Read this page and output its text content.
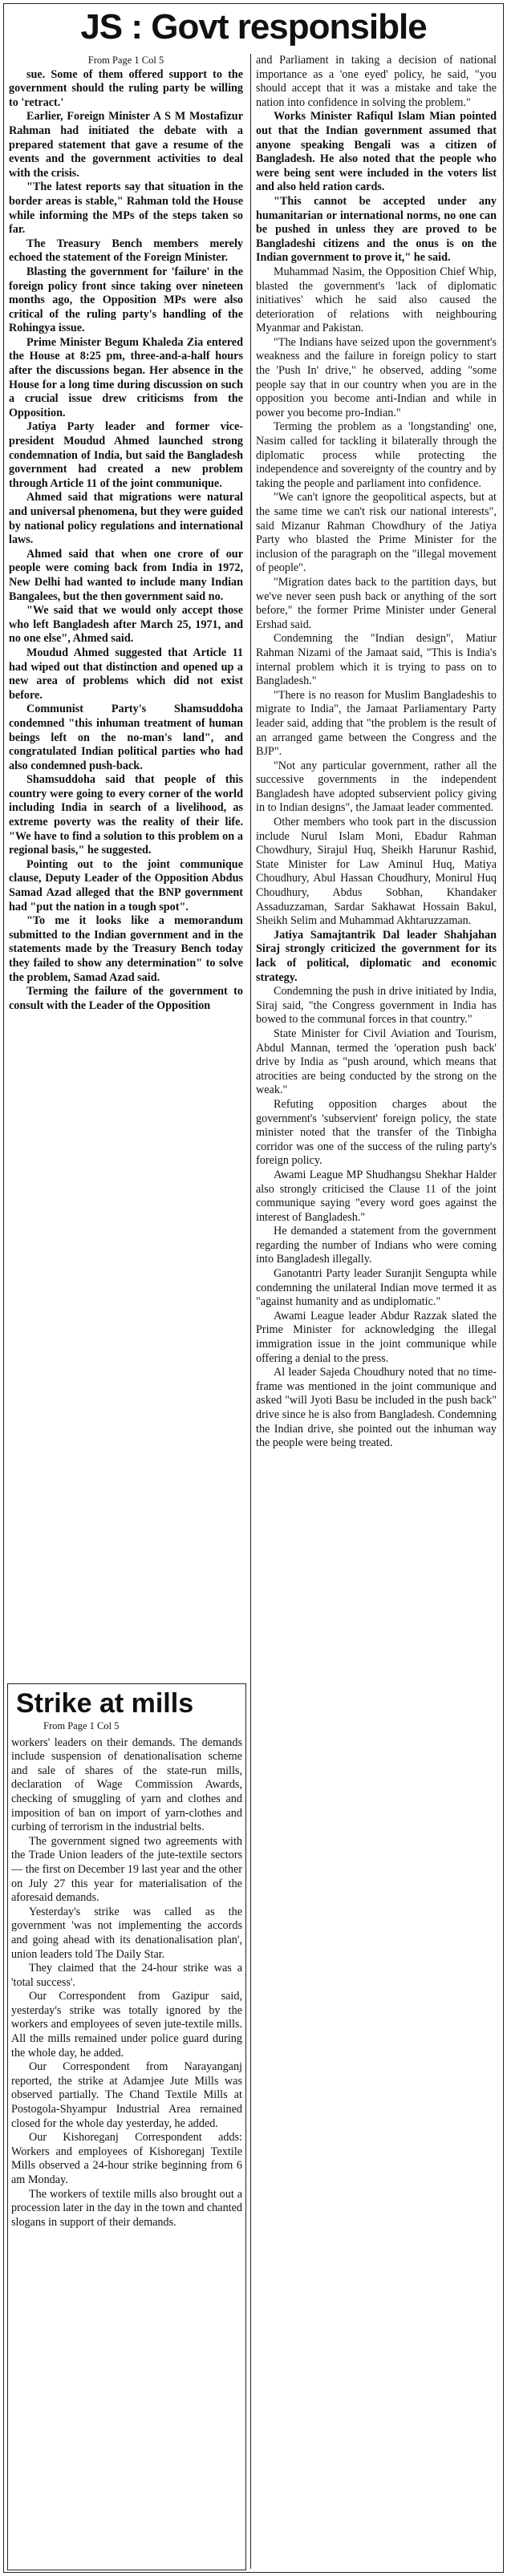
JS : Govt responsible

From Page 1 Col 5

sue. Some of them offered support to the government should the ruling party be willing to 'retract.'

Earlier, Foreign Minister A S M Mostafizur Rahman had initiated the debate with a prepared statement that gave a resume of the events and the government activities to deal with the crisis.

"The latest reports say that situation in the border areas is stable," Rahman told the House while informing the MPs of the steps taken so far.

The Treasury Bench members merely echoed the statement of the Foreign Minister.

Blasting the government for 'failure' in the foreign policy front since taking over nineteen months ago, the Opposition MPs were also critical of the ruling party's handling of the Rohingya issue.

Prime Minister Begum Khaleda Zia entered the House at 8:25 pm, three-and-a-half hours after the discussions began. Her absence in the House for a long time during discussion on such a crucial issue drew criticisms from the Opposition.

Jatiya Party leader and former vice-president Moudud Ahmed launched strong condemnation of India, but said the Bangladesh government had created a new problem through Article 11 of the joint communique.

Ahmed said that migrations were natural and universal phenomena, but they were guided by national policy regulations and international laws.

Ahmed said that when one crore of our people were coming back from India in 1972, New Delhi had wanted to include many Indian Bangalees, but the then government said no.

"We said that we would only accept those who left Bangladesh after March 25, 1971, and no one else", Ahmed said.

Moudud Ahmed suggested that Article 11 had wiped out that distinction and opened up a new area of problems which did not exist before.

Communist Party's Shamsuddoha condemned "this inhuman treatment of human beings left on the no-man's land", and congratulated Indian political parties who had also condemned push-back.

Shamsuddoha said that people of this country were going to every corner of the world including India in search of a livelihood, as extreme poverty was the reality of their life. "We have to find a solution to this problem on a regional basis," he suggested.

Pointing out to the joint communique clause, Deputy Leader of the Opposition Abdus Samad Azad alleged that the BNP government had "put the nation in a tough spot".

"To me it looks like a memorandum submitted to the Indian government and in the statements made by the Treasury Bench today they failed to show any determination" to solve the problem, Samad Azad said.

Terming the failure of the government to consult with the Leader of the Opposition

Strike at mills
From Page 1 Col 5

workers' leaders on their demands. The demands include suspension of denationalisation scheme and sale of shares of the state-run mills, declaration of Wage Commission Awards, checking of smuggling of yarn and clothes and imposition of ban on import of yarn-clothes and curbing of terrorism in the industrial belts.

The government signed two agreements with the Trade Union leaders of the jute-textile sectors — the first on December 19 last year and the other on July 27 this year for materialisation of the aforesaid demands.

Yesterday's strike was called as the government 'was not implementing the accords and going ahead with its denationalisation plan', union leaders told The Daily Star.

They claimed that the 24-hour strike was a 'total success'.

Our Correspondent from Gazipur said, yesterday's strike was totally ignored by the workers and employees of seven jute-textile mills. All the mills remained under police guard during the whole day, he added.

Our Correspondent from Narayanganj reported, the strike at Adamjee Jute Mills was observed partially. The Chand Textile Mills at Postogola-Shyampur Industrial Area remained closed for the whole day yesterday, he added.

Our Kishoreganj Correspondent adds: Workers and employees of Kishoreganj Textile Mills observed a 24-hour strike beginning from 6 am Monday.

The workers of textile mills also brought out a procession later in the day in the town and chanted slogans in support of their demands.

and Parliament in taking a decision of national importance as a 'one eyed' policy, he said, "you should accept that it was a mistake and take the nation into confidence in solving the problem."

Works Minister Rafiqul Islam Mian pointed out that the Indian government assumed that anyone speaking Bengali was a citizen of Bangladesh. He also noted that the people who were being sent were included in the voters list and also held ration cards.

"This cannot be accepted under any humanitarian or international norms, no one can be pushed in unless they are proved to be Bangladeshi citizens and the onus is on the Indian government to prove it," he said.

Muhammad Nasim, the Opposition Chief Whip, blasted the government's 'lack of diplomatic initiatives' which he said also caused the deterioration of relations with neighbouring Myanmar and Pakistan.

"The Indians have seized upon the government's weakness and the failure in foreign policy to start the 'Push In' drive," he observed, adding "some people say that in our country when you are in the opposition you become anti-Indian and while in power you become pro-Indian."

Terming the problem as a 'longstanding' one, Nasim called for tackling it bilaterally through the diplomatic process while protecting the independence and sovereignty of the country and by taking the people and parliament into confidence.

"We can't ignore the geopolitical aspects, but at the same time we can't risk our national interests", said Mizanur Rahman Chowdhury of the Jatiya Party who blasted the Prime Minister for the inclusion of the paragraph on the "illegal movement of people".

"Migration dates back to the partition days, but we've never seen push back or anything of the sort before," the former Prime Minister under General Ershad said.

Condemning the "Indian design", Matiur Rahman Nizami of the Jamaat said, "This is India's internal problem which it is trying to pass on to Bangladesh."

"There is no reason for Muslim Bangladeshis to migrate to India", the Jamaat Parliamentary Party leader said, adding that "the problem is the result of an arranged game between the Congress and the BJP".

"Not any particular government, rather all the successive governments in the independent Bangladesh have adopted subservient policy giving in to Indian designs", the Jamaat leader commented.

Other members who took part in the discussion include Nurul Islam Moni, Ebadur Rahman Chowdhury, Sirajul Huq, Sheikh Harunur Rashid, State Minister for Law Aminul Huq, Matiya Choudhury, Abul Hassan Choudhury, Monirul Huq Choudhury, Abdus Sobhan, Khandaker Assaduzzaman, Sardar Sakhawat Hossain Bakul, Sheikh Selim and Muhammad Akhtaruzzaman.

Jatiya Samajtantrik Dal leader Shahjahan Siraj strongly criticized the government for its lack of political, diplomatic and economic strategy.

Condemning the push in drive initiated by India, Siraj said, "the Congress government in India has bowed to the communal forces in that country."

State Minister for Civil Aviation and Tourism, Abdul Mannan, termed the 'operation push back' drive by India as "push around, which means that atrocities are being conducted by the strong on the weak."

Refuting opposition charges about the government's 'subservient' foreign policy, the state minister noted that the transfer of the Tinbigha corridor was one of the success of the ruling party's foreign policy.

Awami League MP Shudhangsu Shekhar Halder also strongly criticised the Clause 11 of the joint communique saying "every word goes against the interest of Bangladesh."

He demanded a statement from the government regarding the number of Indians who were coming into Bangladesh illegally.

Ganotantri Party leader Suranjit Sengupta while condemning the unilateral Indian move termed it as "against humanity and as undiplomatic."

Awami League leader Abdur Razzak slated the Prime Minister for acknowledging the illegal immigration issue in the joint communique while offering a denial to the press.

Al leader Sajeda Choudhury noted that no time-frame was mentioned in the joint communique and asked "will Jyoti Basu be included in the push back" drive since he is also from Bangladesh. Condemning the Indian drive, she pointed out the inhuman way the people were being treated.
